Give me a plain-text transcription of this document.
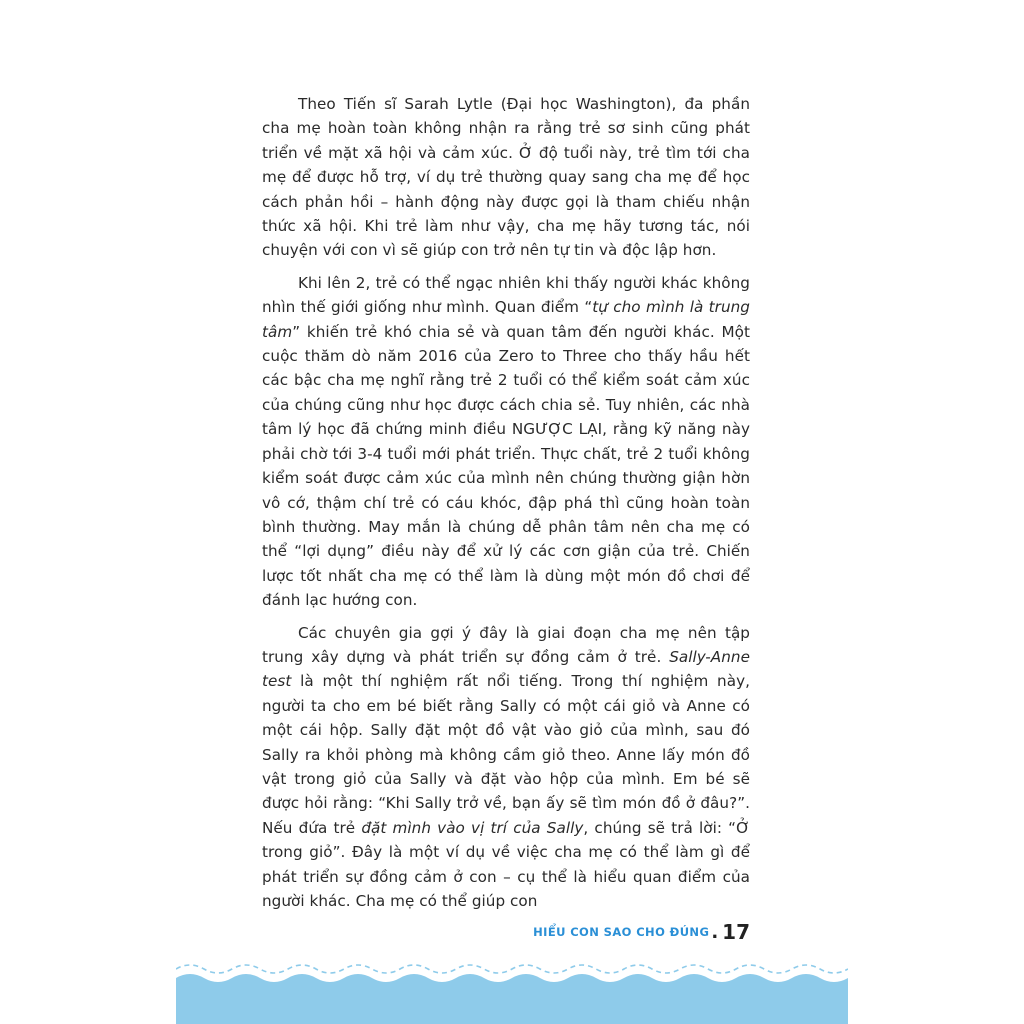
Theo Tiến sĩ Sarah Lytle (Đại học Washington), đa phần cha mẹ hoàn toàn không nhận ra rằng trẻ sơ sinh cũng phát triển về mặt xã hội và cảm xúc. Ở độ tuổi này, trẻ tìm tới cha mẹ để được hỗ trợ, ví dụ trẻ thường quay sang cha mẹ để học cách phản hồi – hành động này được gọi là tham chiếu nhận thức xã hội. Khi trẻ làm như vậy, cha mẹ hãy tương tác, nói chuyện với con vì sẽ giúp con trở nên tự tin và độc lập hơn.

Khi lên 2, trẻ có thể ngạc nhiên khi thấy người khác không nhìn thế giới giống như mình. Quan điểm “tự cho mình là trung tâm” khiến trẻ khó chia sẻ và quan tâm đến người khác. Một cuộc thăm dò năm 2016 của Zero to Three cho thấy hầu hết các bậc cha mẹ nghĩ rằng trẻ 2 tuổi có thể kiểm soát cảm xúc của chúng cũng như học được cách chia sẻ. Tuy nhiên, các nhà tâm lý học đã chứng minh điều NGƯỢC LẠI, rằng kỹ năng này phải chờ tới 3-4 tuổi mới phát triển. Thực chất, trẻ 2 tuổi không kiểm soát được cảm xúc của mình nên chúng thường giận hờn vô cớ, thậm chí trẻ có cáu khóc, đập phá thì cũng hoàn toàn bình thường. May mắn là chúng dễ phân tâm nên cha mẹ có thể “lợi dụng” điều này để xử lý các cơn giận của trẻ. Chiến lược tốt nhất cha mẹ có thể làm là dùng một món đồ chơi để đánh lạc hướng con.

Các chuyên gia gợi ý đây là giai đoạn cha mẹ nên tập trung xây dựng và phát triển sự đồng cảm ở trẻ. Sally-Anne test là một thí nghiệm rất nổi tiếng. Trong thí nghiệm này, người ta cho em bé biết rằng Sally có một cái giỏ và Anne có một cái hộp. Sally đặt một đồ vật vào giỏ của mình, sau đó Sally ra khỏi phòng mà không cầm giỏ theo. Anne lấy món đồ vật trong giỏ của Sally và đặt vào hộp của mình. Em bé sẽ được hỏi rằng: “Khi Sally trở về, bạn ấy sẽ tìm món đồ ở đâu?”. Nếu đứa trẻ đặt mình vào vị trí của Sally, chúng sẽ trả lời: “Ở trong giỏ”. Đây là một ví dụ về việc cha mẹ có thể làm gì để phát triển sự đồng cảm ở con – cụ thể là hiểu quan điểm của người khác. Cha mẹ có thể giúp con

HIỂU CON SAO CHO ĐÚNG . 17
